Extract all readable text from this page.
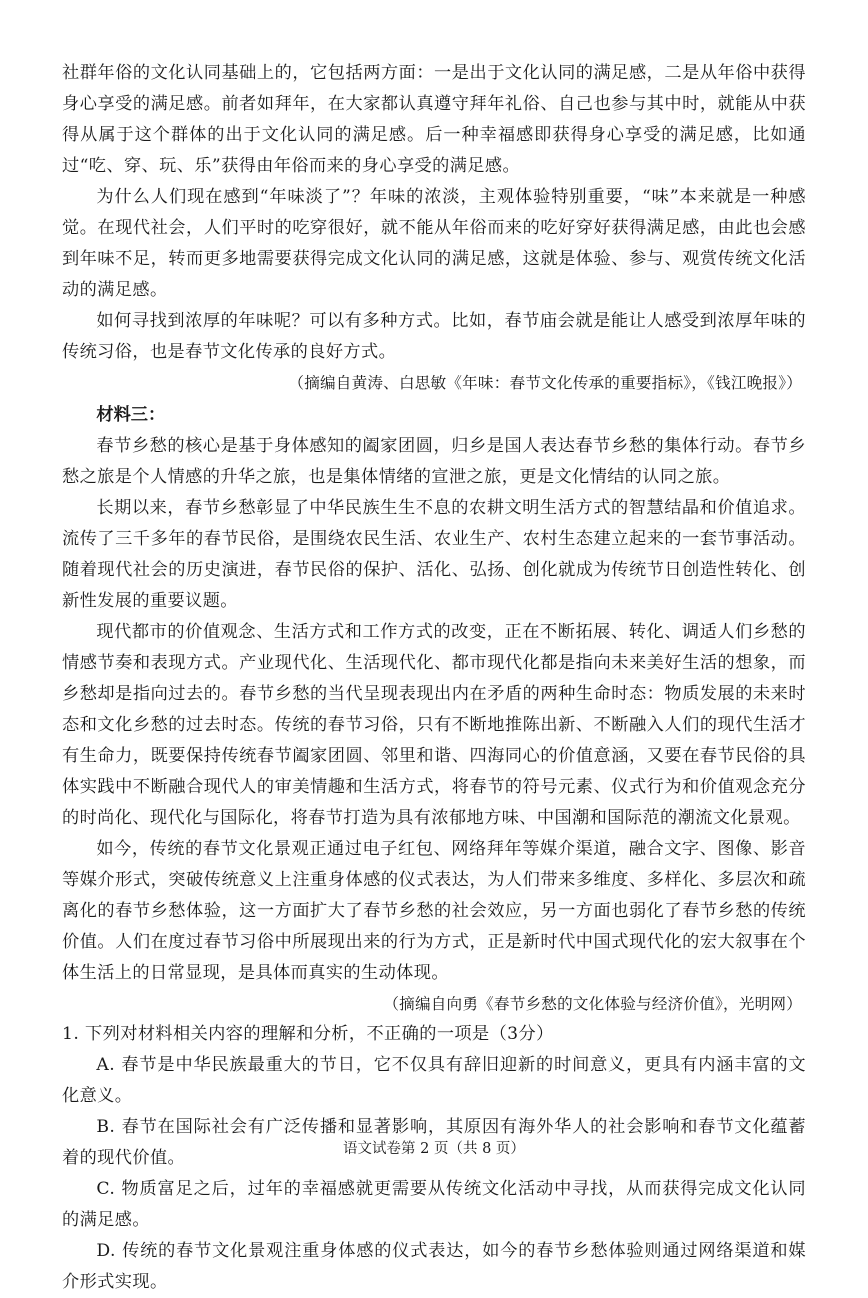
社群年俗的文化认同基础上的，它包括两方面：一是出于文化认同的满足感，二是从年俗中获得身心享受的满足感。前者如拜年，在大家都认真遵守拜年礼俗、自己也参与其中时，就能从中获得从属于这个群体的出于文化认同的满足感。后一种幸福感即获得身心享受的满足感，比如通过“吃、穿、玩、乐”获得由年俗而来的身心享受的满足感。

为什么人们现在感到“年味淡了”？年味的浓淡，主观体验特别重要，“味”本来就是一种感觉。在现代社会，人们平时的吃穿很好，就不能从年俗而来的吃好穿好获得满足感，由此也会感到年味不足，转而更多地需要获得完成文化认同的满足感，这就是体验、参与、观赏传统文化活动的满足感。

如何寻找到浓厚的年味呢？可以有多种方式。比如，春节庙会就是能让人感受到浓厚年味的传统习俗，也是春节文化传承的良好方式。

（摘编自黄涛、白思敏《年味：春节文化传承的重要指标》，《钱江晚报》）

材料三：

春节乡愁的核心是基于身体感知的阖家团圆，归乡是国人表达春节乡愁的集体行动。春节乡愁之旅是个人情感的升华之旅，也是集体情绪的宣泄之旅，更是文化情结的认同之旅。

长期以来，春节乡愁彰显了中华民族生生不息的农耕文明生活方式的智慧结晶和价值追求。流传了三千多年的春节民俗，是围绕农民生活、农业生产、农村生态建立起来的一套节事活动。随着现代社会的历史演进，春节民俗的保护、活化、弘扬、创化就成为传统节日创造性转化、创新性发展的重要议题。

现代都市的价值观念、生活方式和工作方式的改变，正在不断拓展、转化、调适人们乡愁的情感节奏和表现方式。产业现代化、生活现代化、都市现代化都是指向未来美好生活的想象，而乡愁却是指向过去的。春节乡愁的当代呈现表现出内在矛盾的两种生命时态：物质发展的未来时态和文化乡愁的过去时态。传统的春节习俗，只有不断地推陈出新、不断融入人们的现代生活才有生命力，既要保持传统春节阖家团圆、邻里和谐、四海同心的价值意涵，又要在春节民俗的具体实践中不断融合现代人的审美情趣和生活方式，将春节的符号元素、仪式行为和价值观念充分的时尚化、现代化与国际化，将春节打造为具有浓郁地方味、中国潮和国际范的潮流文化景观。

如今，传统的春节文化景观正通过电子红包、网络拜年等媒介渠道，融合文字、图像、影音等媒介形式，突破传统意义上注重身体感的仪式表达，为人们带来多维度、多样化、多层次和疏离化的春节乡愁体验，这一方面扩大了春节乡愁的社会效应，另一方面也弱化了春节乡愁的传统价值。人们在度过春节习俗中所展现出来的行为方式，正是新时代中国式现代化的宏大叙事在个体生活上的日常显现，是具体而真实的生动体现。

（摘编自向勇《春节乡愁的文化体验与经济价值》，光明网）

1. 下列对材料相关内容的理解和分析，不正确的一项是（3分）

A. 春节是中华民族最重大的节日，它不仅具有辞旧迎新的时间意义，更具有内涵丰富的文化意义。

B. 春节在国际社会有广泛传播和显著影响，其原因有海外华人的社会影响和春节文化蕴蓄着的现代价值。

C. 物质富足之后，过年的幸福感就更需要从传统文化活动中寻找，从而获得完成文化认同的满足感。

D. 传统的春节文化景观注重身体感的仪式表达，如今的春节乡愁体验则通过网络渠道和媒介形式实现。

语文试卷第 2 页（共 8 页）
